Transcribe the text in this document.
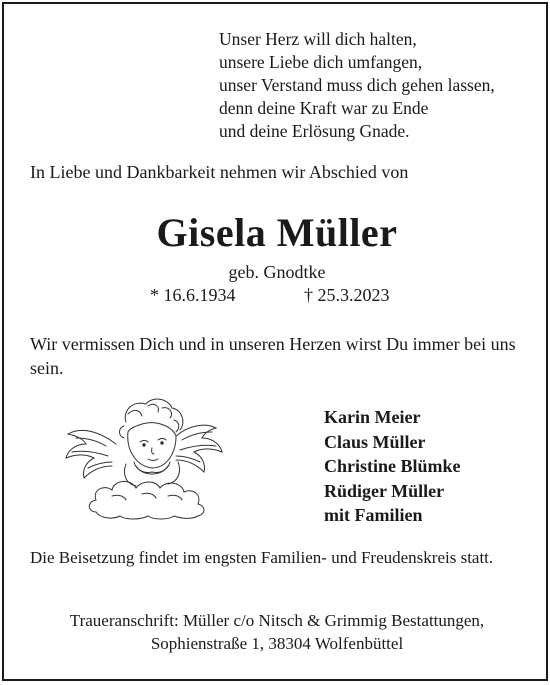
Unser Herz will dich halten,
unsere Liebe dich umfangen,
unser Verstand muss dich gehen lassen,
denn deine Kraft war zu Ende
und deine Erlösung Gnade.
In Liebe und Dankbarkeit nehmen wir Abschied von
Gisela Müller
geb. Gnodtke
* 16.6.1934	† 25.3.2023
Wir vermissen Dich und in unseren Herzen wirst Du immer bei uns sein.
Karin Meier
Claus Müller
Christine Blümke
Rüdiger Müller
mit Familien
Die Beisetzung findet im engsten Familien- und Freudenskreis statt.
Traueranschrift: Müller c/o Nitsch & Grimmig Bestattungen,
Sophienstraße 1, 38304 Wolfenbüttel
